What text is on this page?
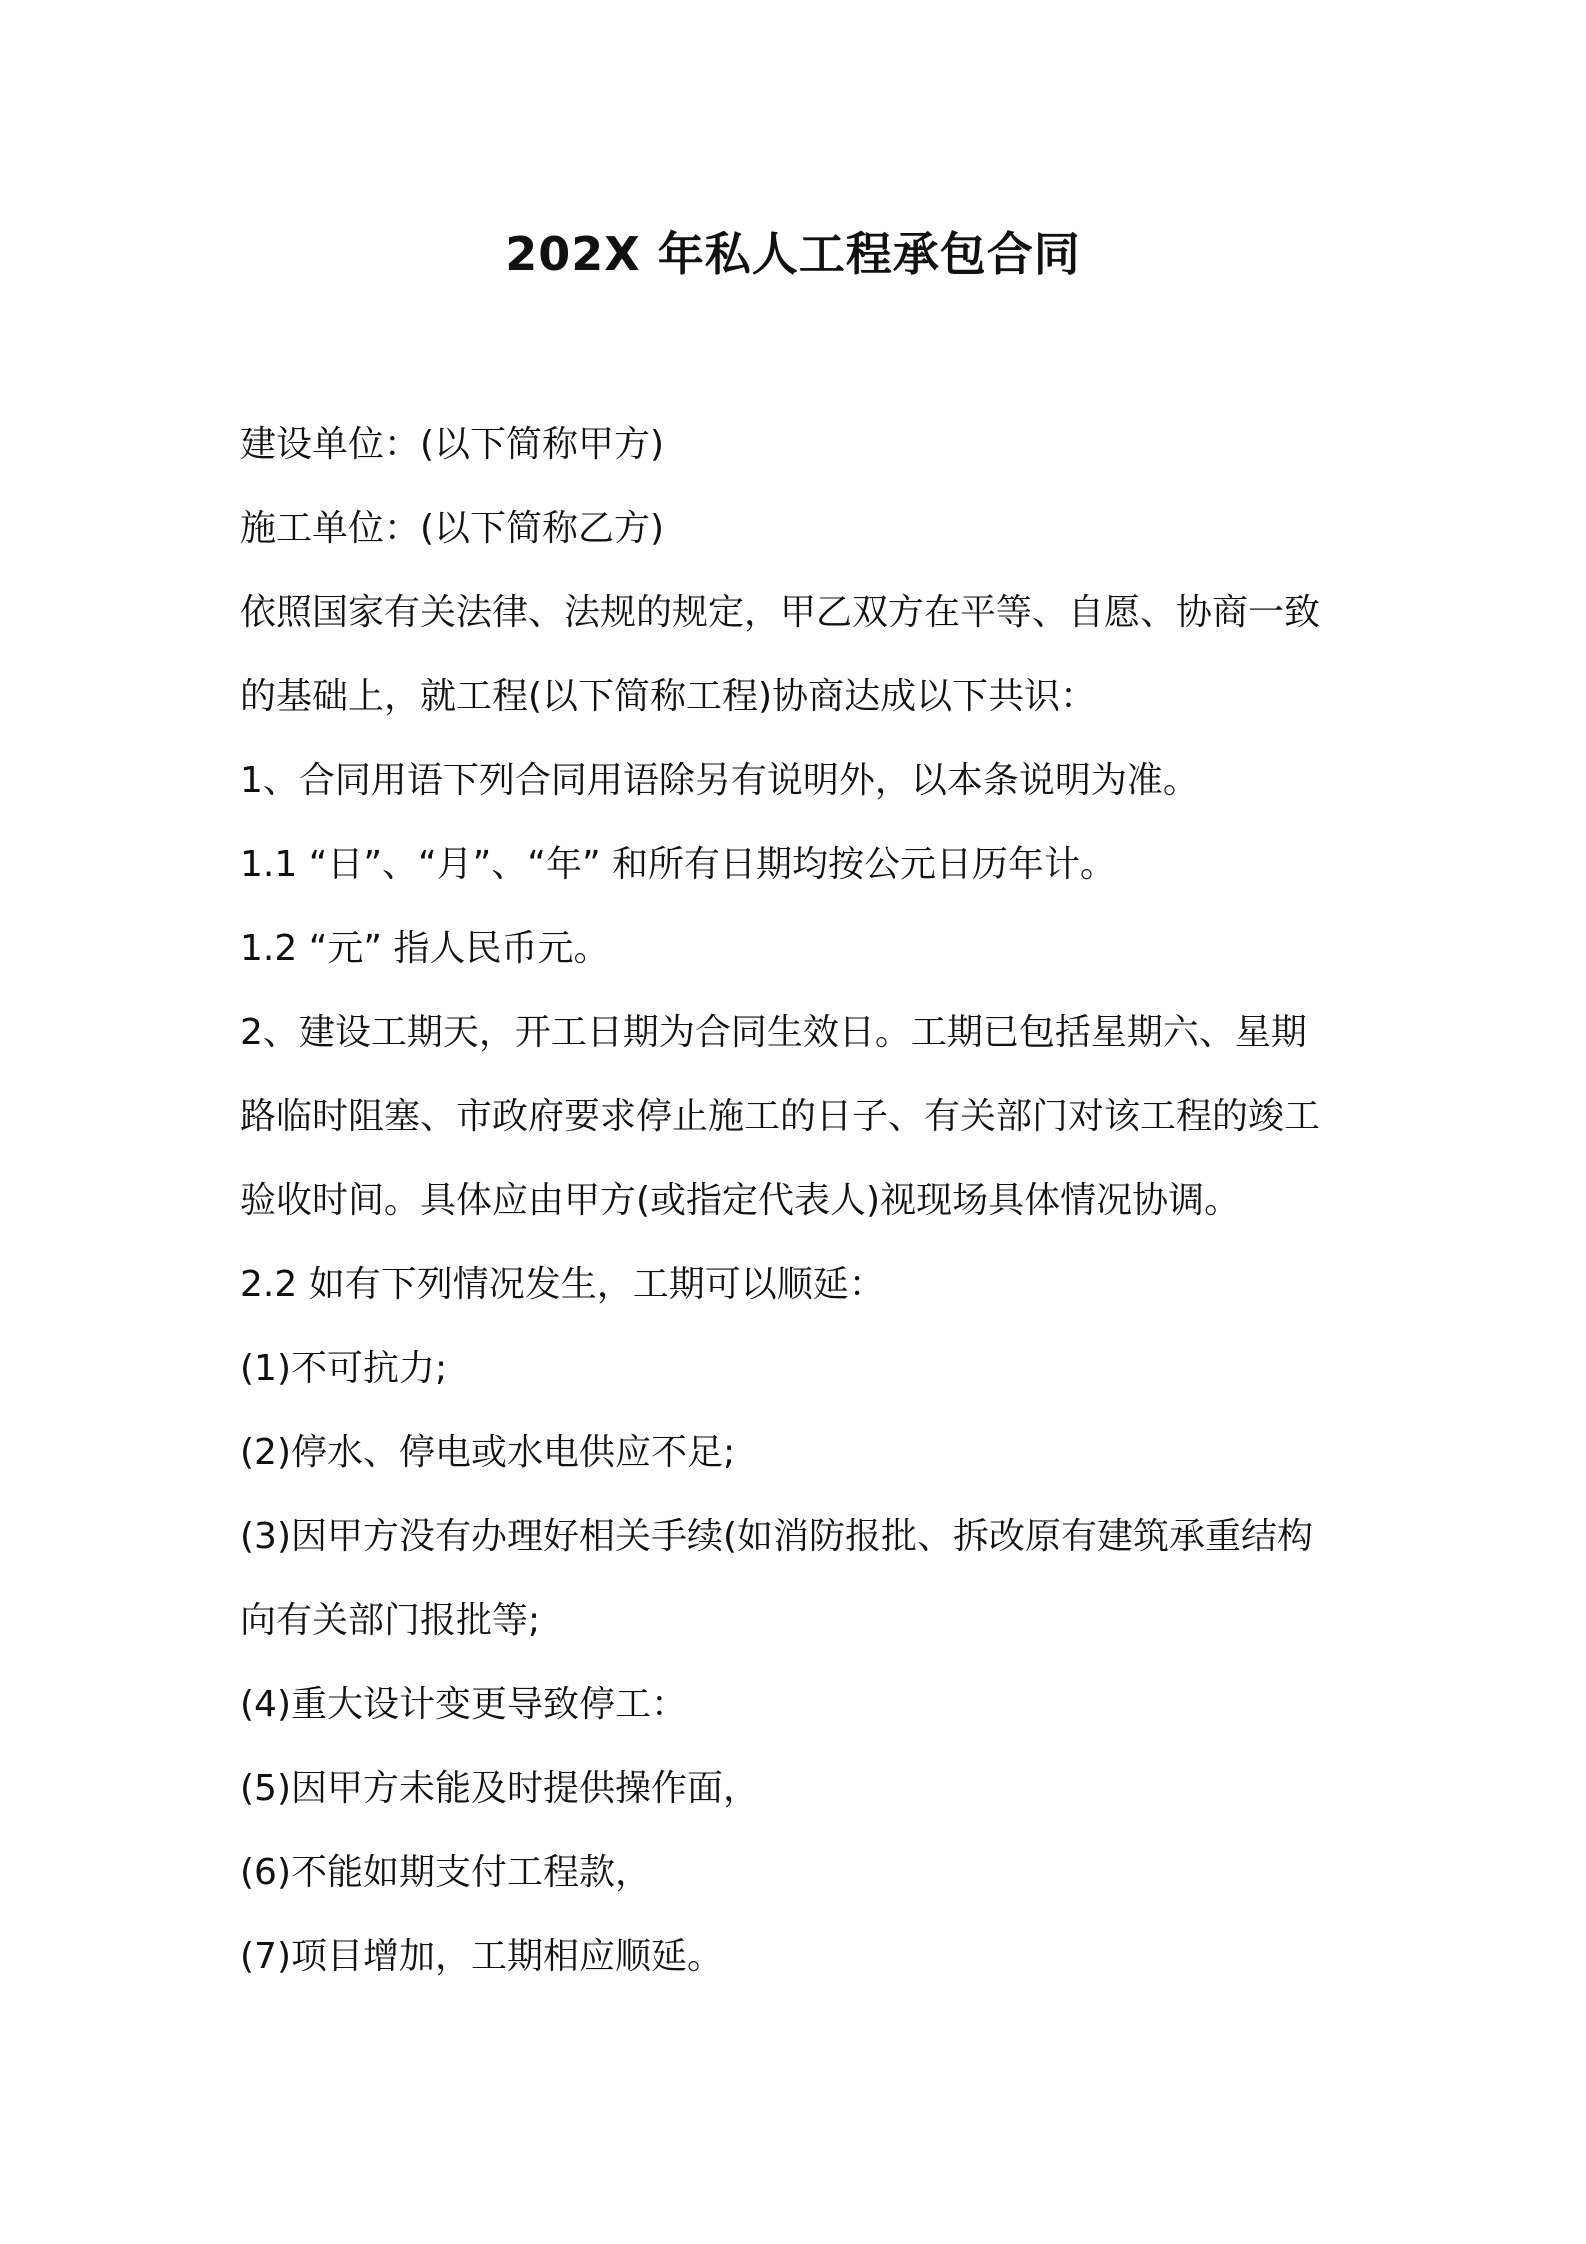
202X 年私人工程承包合同
建设单位：(以下简称甲方)
施工单位：(以下简称乙方)
依照国家有关法律、法规的规定，甲乙双方在平等、自愿、协商一致
的基础上，就工程(以下简称工程)协商达成以下共识：
1、合同用语下列合同用语除另有说明外，以本条说明为准。
1.1 “日”、“月”、“年” 和所有日期均按公元日历年计。
1.2 “元” 指人民币元。
2、建设工期天，开工日期为合同生效日。工期已包括星期六、星期
路临时阻塞、市政府要求停止施工的日子、有关部门对该工程的竣工
验收时间。具体应由甲方(或指定代表人)视现场具体情况协调。
2.2 如有下列情况发生，工期可以顺延：
(1)不可抗力;
(2)停水、停电或水电供应不足;
(3)因甲方没有办理好相关手续(如消防报批、拆改原有建筑承重结构
向有关部门报批等;
(4)重大设计变更导致停工：
(5)因甲方未能及时提供操作面，
(6)不能如期支付工程款，
(7)项目增加，工期相应顺延。
